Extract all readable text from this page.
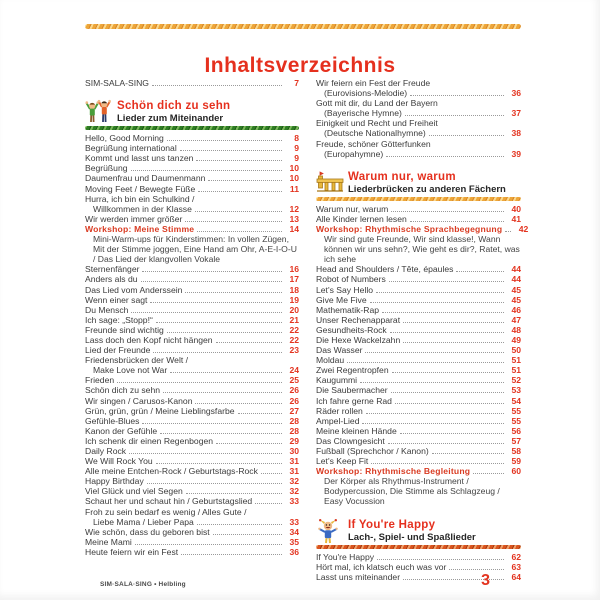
Inhaltsverzeichnis
SIM-SALA-SING	7
Schön dich zu sehn
Lieder zum Miteinander
Hello, Good Morning	8
Begrüßung international	9
Kommt und lasst uns tanzen	9
Begrüßung	10
Daumenfrau und Daumenmann	10
Moving Feet / Bewegte Füße	11
Hurra, ich bin ein Schulkind /
Willkommen in der Klasse	12
Wir werden immer größer	13
Workshop: Meine Stimme	14
Mini-Warm-ups für Kinderstimmen: In vollen Zügen, Mit der Stimme joggen, Eine Hand am Ohr, A-E-I-O-U / Das Lied der klangvollen Vokale
Sternenfänger	16
Anders als du	17
Das Lied vom Anderssein	18
Wenn einer sagt	19
Du Mensch	20
Ich sage: „Stopp!“	21
Freunde sind wichtig	22
Lass doch den Kopf nicht hängen	22
Lied der Freunde	23
Friedensbrücken der Welt /
Make Love not War	24
Frieden	25
Schön dich zu sehn	26
Wir singen / Carusos-Kanon	26
Grün, grün, grün / Meine Lieblingsfarbe	27
Gefühle-Blues	28
Kanon der Gefühle	28
Ich schenk dir einen Regenbogen	29
Daily Rock	30
We Will Rock You	31
Alle meine Entchen-Rock / Geburtstags-Rock	31
Happy Birthday	32
Viel Glück und viel Segen	32
Schaut her und schaut hin / Geburtstagslied	33
Froh zu sein bedarf es wenig / Alles Gute /
Liebe Mama / Lieber Papa	33
Wie schön, dass du geboren bist	34
Meine Mami	35
Heute feiern wir ein Fest	36
Wir feiern ein Fest der Freude
(Eurovisions-Melodie)	36
Gott mit dir, du Land der Bayern
(Bayerische Hymne)	37
Einigkeit und Recht und Freiheit
(Deutsche Nationalhymne)	38
Freude, schöner Götterfunken
(Europahymne)	39
Warum nur, warum
Liederbrücken zu anderen Fächern
Warum nur, warum	40
Alle Kinder lernen lesen	41
Workshop: Rhythmische Sprachbegegnung	42
Wir sind gute Freunde, Wir sind klasse!, Wann können wir uns sehn?, Wie geht es dir?, Ratet, was ich sehe
Head and Shoulders / Tête, épaules	44
Robot of Numbers	44
Let's Say Hello	45
Give Me Five	45
Mathematik-Rap	46
Unser Rechenapparat	47
Gesundheits-Rock	48
Die Hexe Wackelzahn	49
Das Wasser	50
Moldau	51
Zwei Regentropfen	51
Kaugummi	52
Die Saubermacher	53
Ich fahre gerne Rad	54
Räder rollen	55
Ampel-Lied	55
Meine kleinen Hände	56
Das Clowngesicht	57
Fußball (Sprechchor / Kanon)	58
Let's Keep Fit	59
Workshop: Rhythmische Begleitung	60
Der Körper als Rhythmus-Instrument / Bodypercussion, Die Stimme als Schlagzeug / Easy Vocussion
If You're Happy
Lach-, Spiel- und Spaßlieder
If You're Happy	62
Hört mal, ich klatsch euch was vor	63
Lasst uns miteinander	64
SIM·SALA·SING • Helbling	3
